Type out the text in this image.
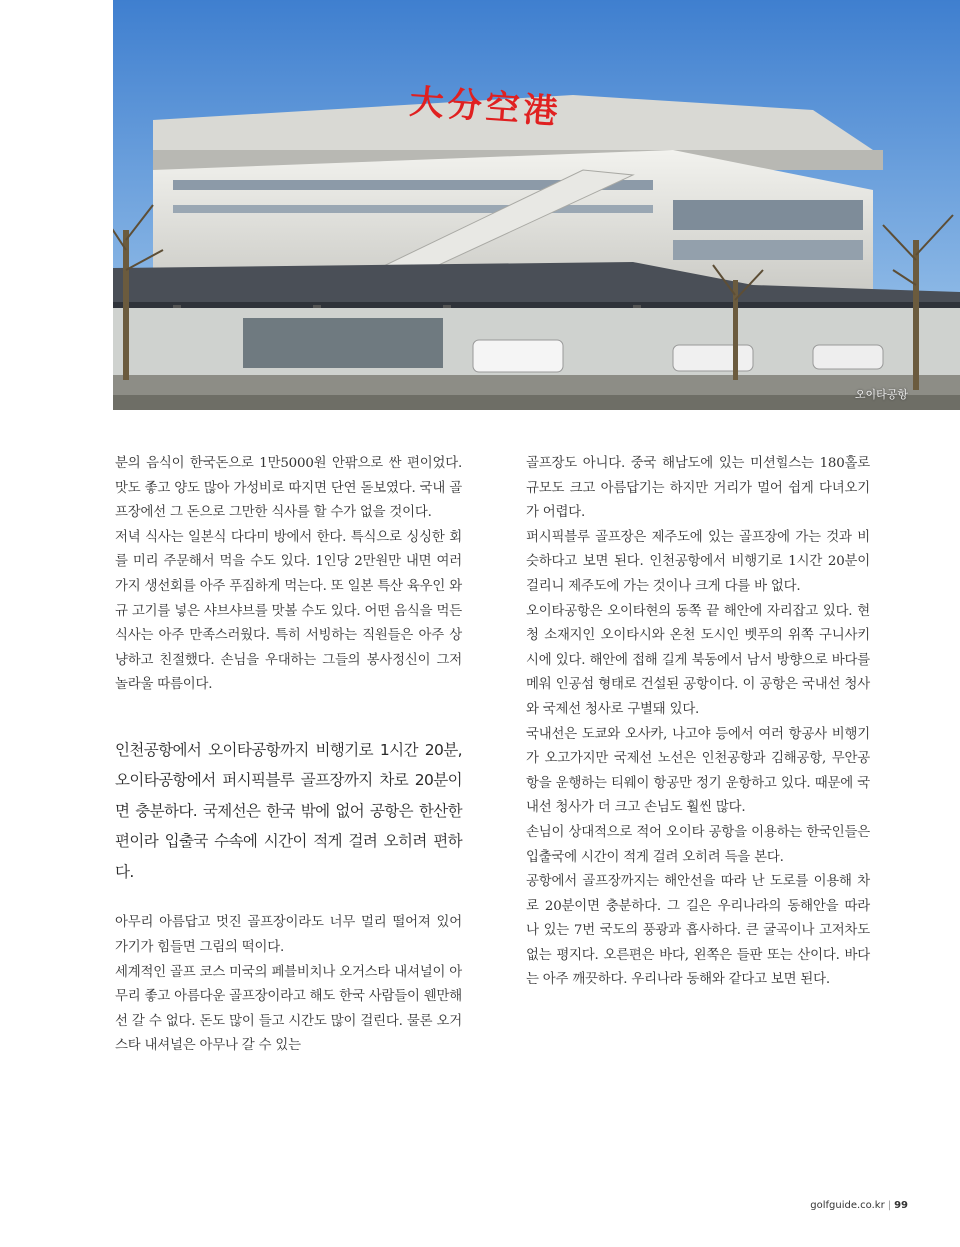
大分空港
오이타공항

분의 음식이 한국돈으로 1만5000원 안팎으로 싼 편이었다. 맛도 좋고 양도 많아 가성비로 따지면 단연 돋보였다. 국내 골프장에선 그 돈으로 그만한 식사를 할 수가 없을 것이다.

저녁 식사는 일본식 다다미 방에서 한다. 특식으로 싱싱한 회를 미리 주문해서 먹을 수도 있다. 1인당 2만원만 내면 여러 가지 생선회를 아주 푸짐하게 먹는다. 또 일본 특산 육우인 와규 고기를 넣은 샤브샤브를 맛볼 수도 있다. 어떤 음식을 먹든 식사는 아주 만족스러웠다. 특히 서빙하는 직원들은 아주 상냥하고 친절했다. 손님을 우대하는 그들의 봉사정신이 그저 놀라울 따름이다.

인천공항에서 오이타공항까지 비행기로 1시간 20분, 오이타공항에서 퍼시픽블루 골프장까지 차로 20분이면 충분하다. 국제선은 한국 밖에 없어 공항은 한산한 편이라 입출국 수속에 시간이 적게 걸려 오히려 편하다.

아무리 아름답고 멋진 골프장이라도 너무 멀리 떨어져 있어 가기가 힘들면 그림의 떡이다.

세계적인 골프 코스 미국의 페블비치나 오거스타 내셔널이 아무리 좋고 아름다운 골프장이라고 해도 한국 사람들이 웬만해선 갈 수 없다. 돈도 많이 들고 시간도 많이 걸린다. 물론 오거스타 내셔널은 아무나 갈 수 있는

골프장도 아니다. 중국 해남도에 있는 미션힐스는 180홀로 규모도 크고 아름답기는 하지만 거리가 멀어 쉽게 다녀오기가 어렵다.

퍼시픽블루 골프장은 제주도에 있는 골프장에 가는 것과 비슷하다고 보면 된다. 인천공항에서 비행기로 1시간 20분이 걸리니 제주도에 가는 것이나 크게 다를 바 없다.

오이타공항은 오이타현의 동쪽 끝 해안에 자리잡고 있다. 현청 소재지인 오이타시와 온천 도시인 벳푸의 위쪽 구니사키시에 있다. 해안에 접해 길게 북동에서 남서 방향으로 바다를 메워 인공섬 형태로 건설된 공항이다. 이 공항은 국내선 청사와 국제선 청사로 구별돼 있다.

국내선은 도쿄와 오사카, 나고야 등에서 여러 항공사 비행기가 오고가지만 국제선 노선은 인천공항과 김해공항, 무안공항을 운행하는 티웨이 항공만 정기 운항하고 있다. 때문에 국내선 청사가 더 크고 손님도 훨씬 많다.

손님이 상대적으로 적어 오이타 공항을 이용하는 한국인들은 입출국에 시간이 적게 걸려 오히려 득을 본다.

공항에서 골프장까지는 해안선을 따라 난 도로를 이용해 차로 20분이면 충분하다. 그 길은 우리나라의 동해안을 따라 나 있는 7번 국도의 풍광과 흡사하다. 큰 굴곡이나 고저차도 없는 평지다. 오른편은 바다, 왼쪽은 들판 또는 산이다. 바다는 아주 깨끗하다. 우리나라 동해와 같다고 보면 된다.

golfguide.co.kr | 99
